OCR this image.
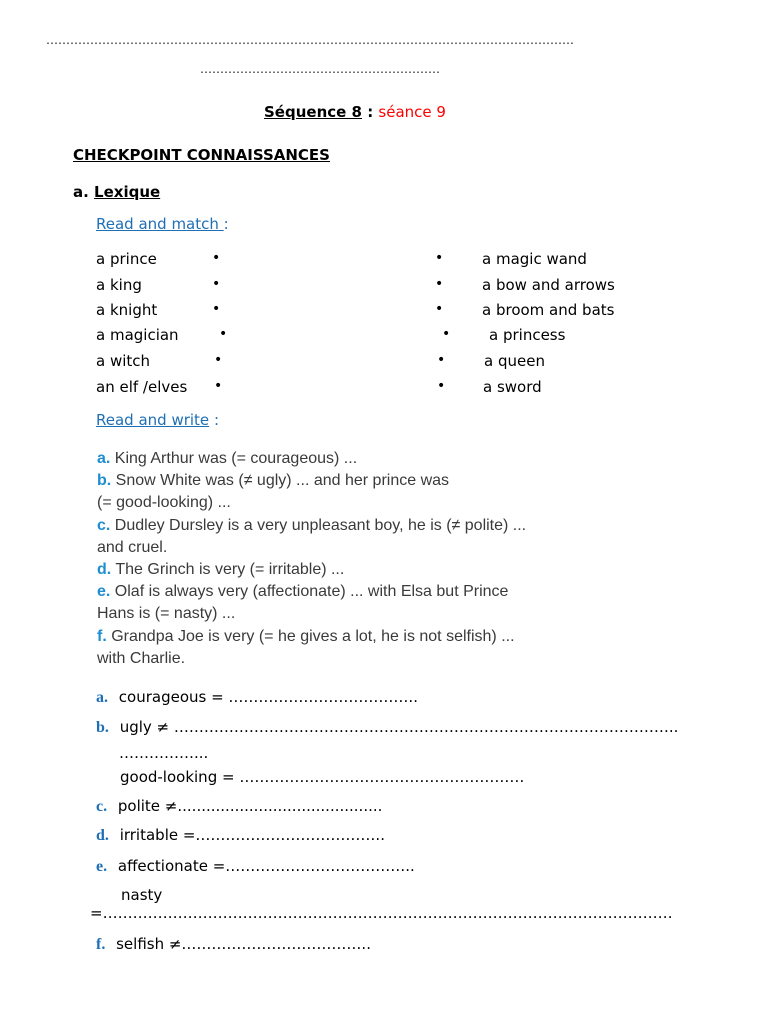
……………………………………………………………………………………………………………………
……………………………………………………
Séquence 8 : séance 9
CHECKPOINT CONNAISSANCES
a. Lexique
Read and match :
a prince
a king
a knight
a magician
a witch
an elf /elves
•
•
•
•
•
•
•
•
•
•
•
•
a magic wand
a bow and arrows
a broom and bats
a princess
a queen
a sword
Read and write :
a. King Arthur was (= courageous) ...
b. Snow White was (≠ ugly) ... and her prince was
(= good-looking) ...
c. Dudley Dursley is a very unpleasant boy, he is (≠ polite) ...
and cruel.
d. The Grinch is very (= irritable) ...
e. Olaf is always very (affectionate) ... with Elsa but Prince
Hans is (= nasty) ...
f. Grandpa Joe is very (= he gives a lot, he is not selfish) ...
with Charlie.
a. courageous = ………………………………..
b. ugly ≠ ………………………………………………………………………………………..
……………...
good-looking = …………………………………………………
c. polite ≠...........................................
d. irritable =………………………………..
e. affectionate =………………………………..
nasty
=……………………………………………………………………………………………………
f. selfish ≠………………………………..
